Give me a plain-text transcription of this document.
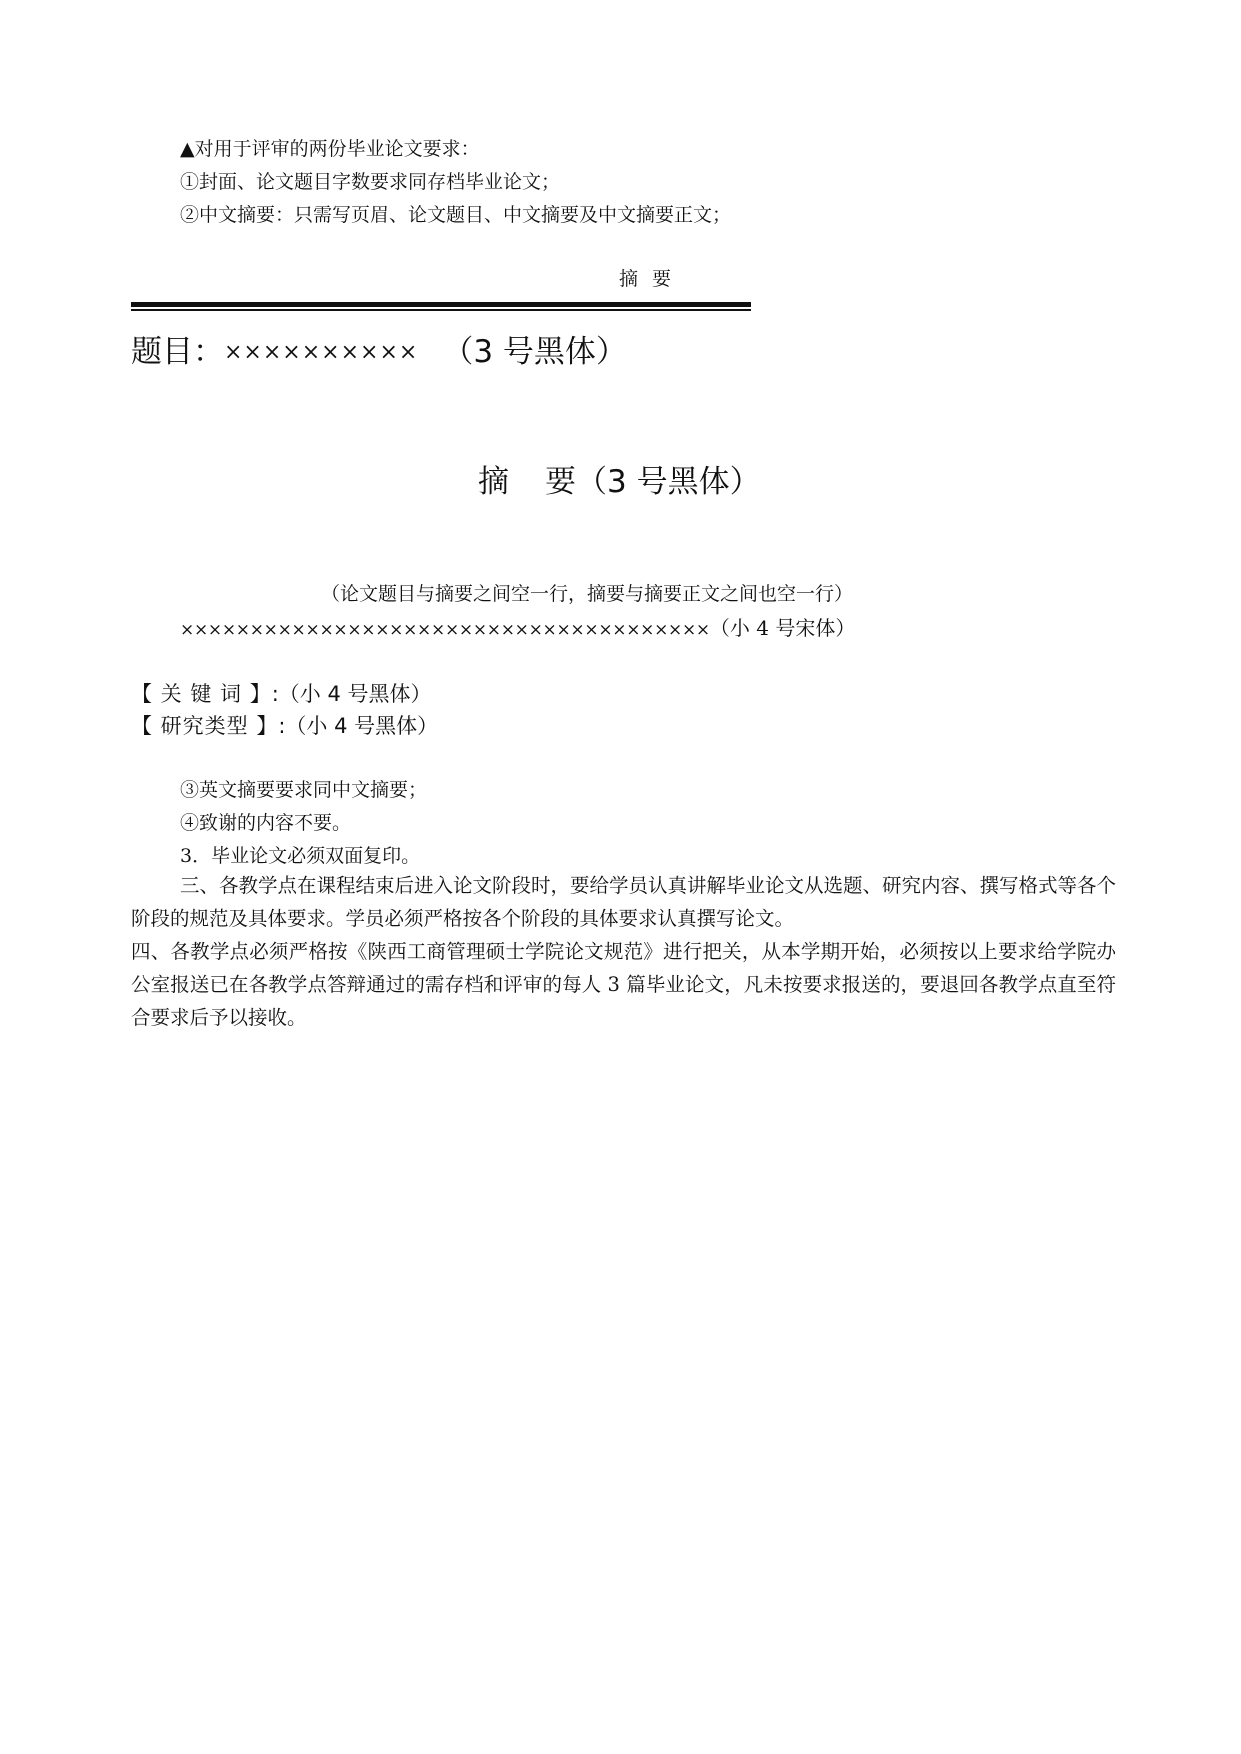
▲对用于评审的两份毕业论文要求：
①封面、论文题目字数要求同存档毕业论文；
②中文摘要：只需写页眉、论文题目、中文摘要及中文摘要正文；
摘 要
题目：×××××××××× （3 号黑体）
摘 要（3 号黑体）
（论文题目与摘要之间空一行，摘要与摘要正文之间也空一行）
××××××××××××××××××××××××××××××××××××××（小 4 号宋体）
【 关 键 词 】:（小 4 号黑体）
【 研究类型 】:（小 4 号黑体）
③英文摘要要求同中文摘要；
④致谢的内容不要。
3．毕业论文必须双面复印。
三、各教学点在课程结束后进入论文阶段时，要给学员认真讲解毕业论文从选题、研究内容、撰写格式等各个阶段的规范及具体要求。学员必须严格按各个阶段的具体要求认真撰写论文。
四、各教学点必须严格按《陕西工商管理硕士学院论文规范》进行把关，从本学期开始，必须按以上要求给学院办公室报送已在各教学点答辩通过的需存档和评审的每人 3 篇毕业论文，凡未按要求报送的，要退回各教学点直至符合要求后予以接收。
